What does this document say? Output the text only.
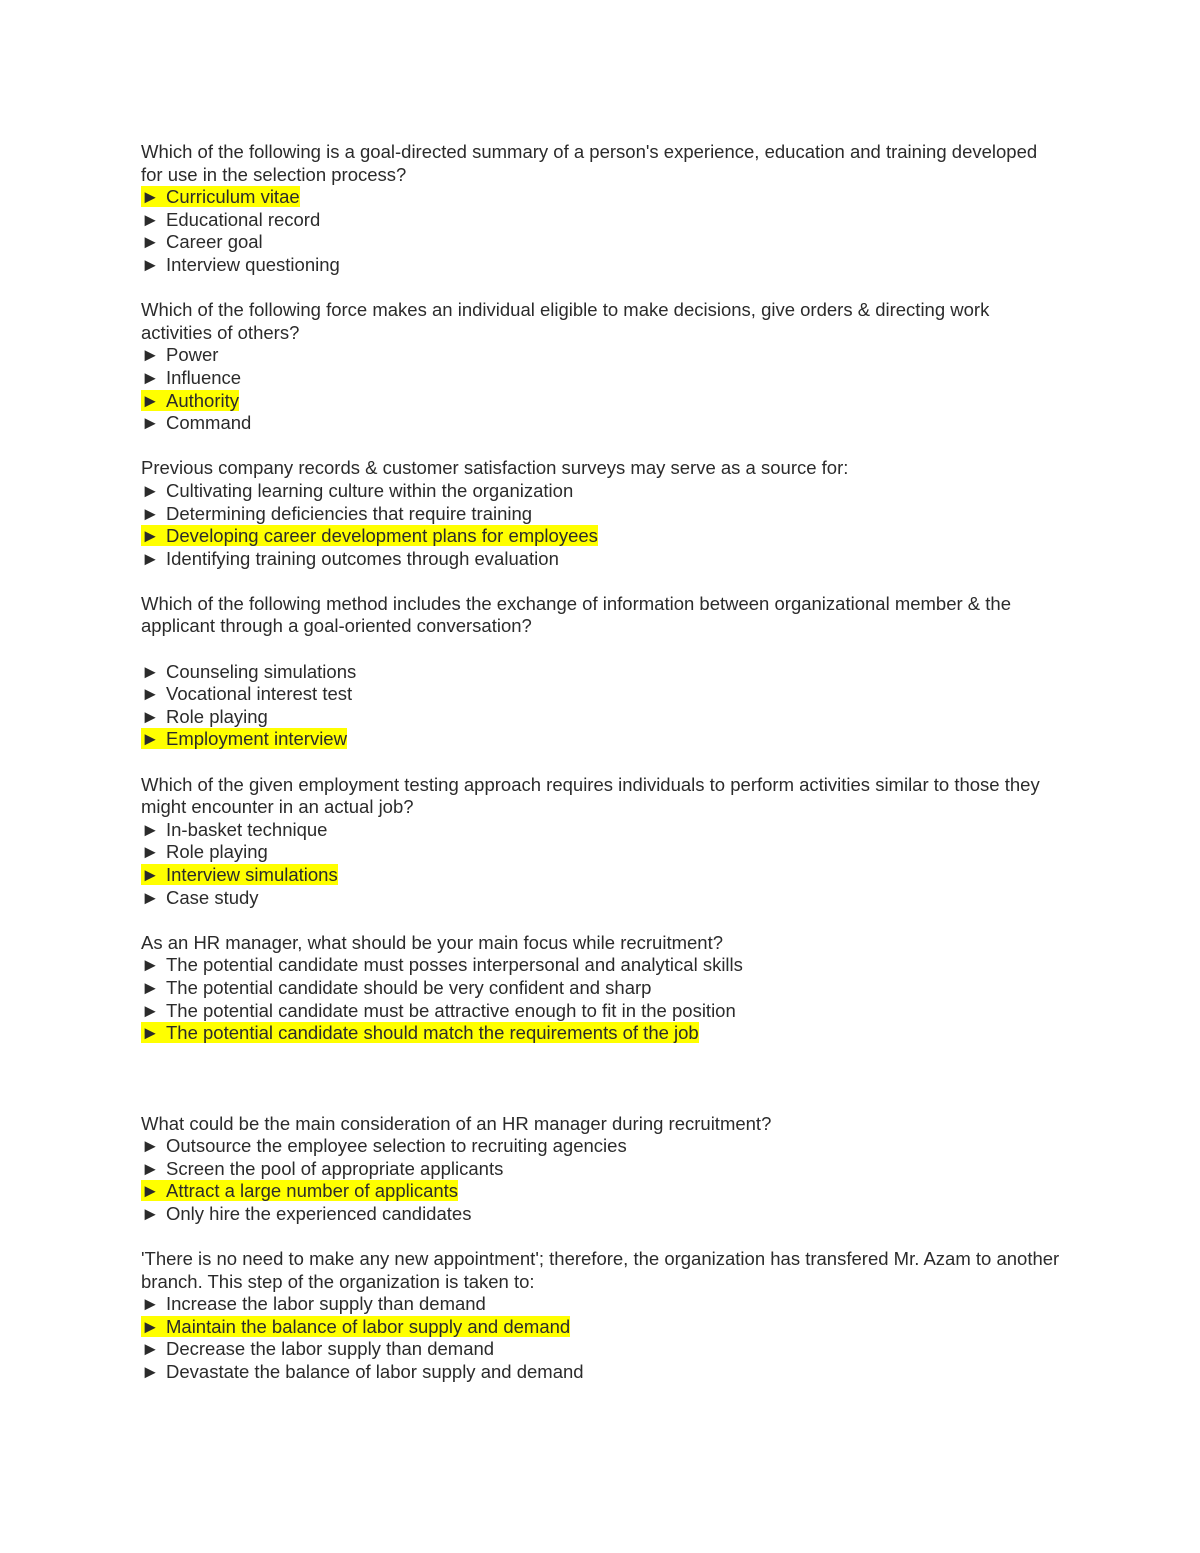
Which of the following is a goal-directed summary of a person's experience, education and training developed for use in the selection process?
► Curriculum vitae
► Educational record
► Career goal
► Interview questioning
Which of the following force makes an individual eligible to make decisions, give orders & directing work activities of others?
► Power
► Influence
► Authority
► Command
Previous company records & customer satisfaction surveys may serve as a source for:
► Cultivating learning culture within the organization
► Determining deficiencies that require training
► Developing career development plans for employees
► Identifying training outcomes through evaluation
Which of the following method includes the exchange of information between organizational member & the applicant through a goal-oriented conversation?
► Counseling simulations
► Vocational interest test
► Role playing
► Employment interview
Which of the given employment testing approach requires individuals to perform activities similar to those they might encounter in an actual job?
► In-basket technique
► Role playing
► Interview simulations
► Case study
As an HR manager, what should be your main focus while recruitment?
► The potential candidate must posses interpersonal and analytical skills
► The potential candidate should be very confident and sharp
► The potential candidate must be attractive enough to fit in the position
► The potential candidate should match the requirements of the job
What could be the main consideration of an HR manager during recruitment?
► Outsource the employee selection to recruiting agencies
► Screen the pool of appropriate applicants
► Attract a large number of applicants
► Only hire the experienced candidates
'There is no need to make any new appointment'; therefore, the organization has transfered Mr. Azam to another branch. This step of the organization is taken to:
► Increase the labor supply than demand
► Maintain the balance of labor supply and demand
► Decrease the labor supply than demand
► Devastate the balance of labor supply and demand
